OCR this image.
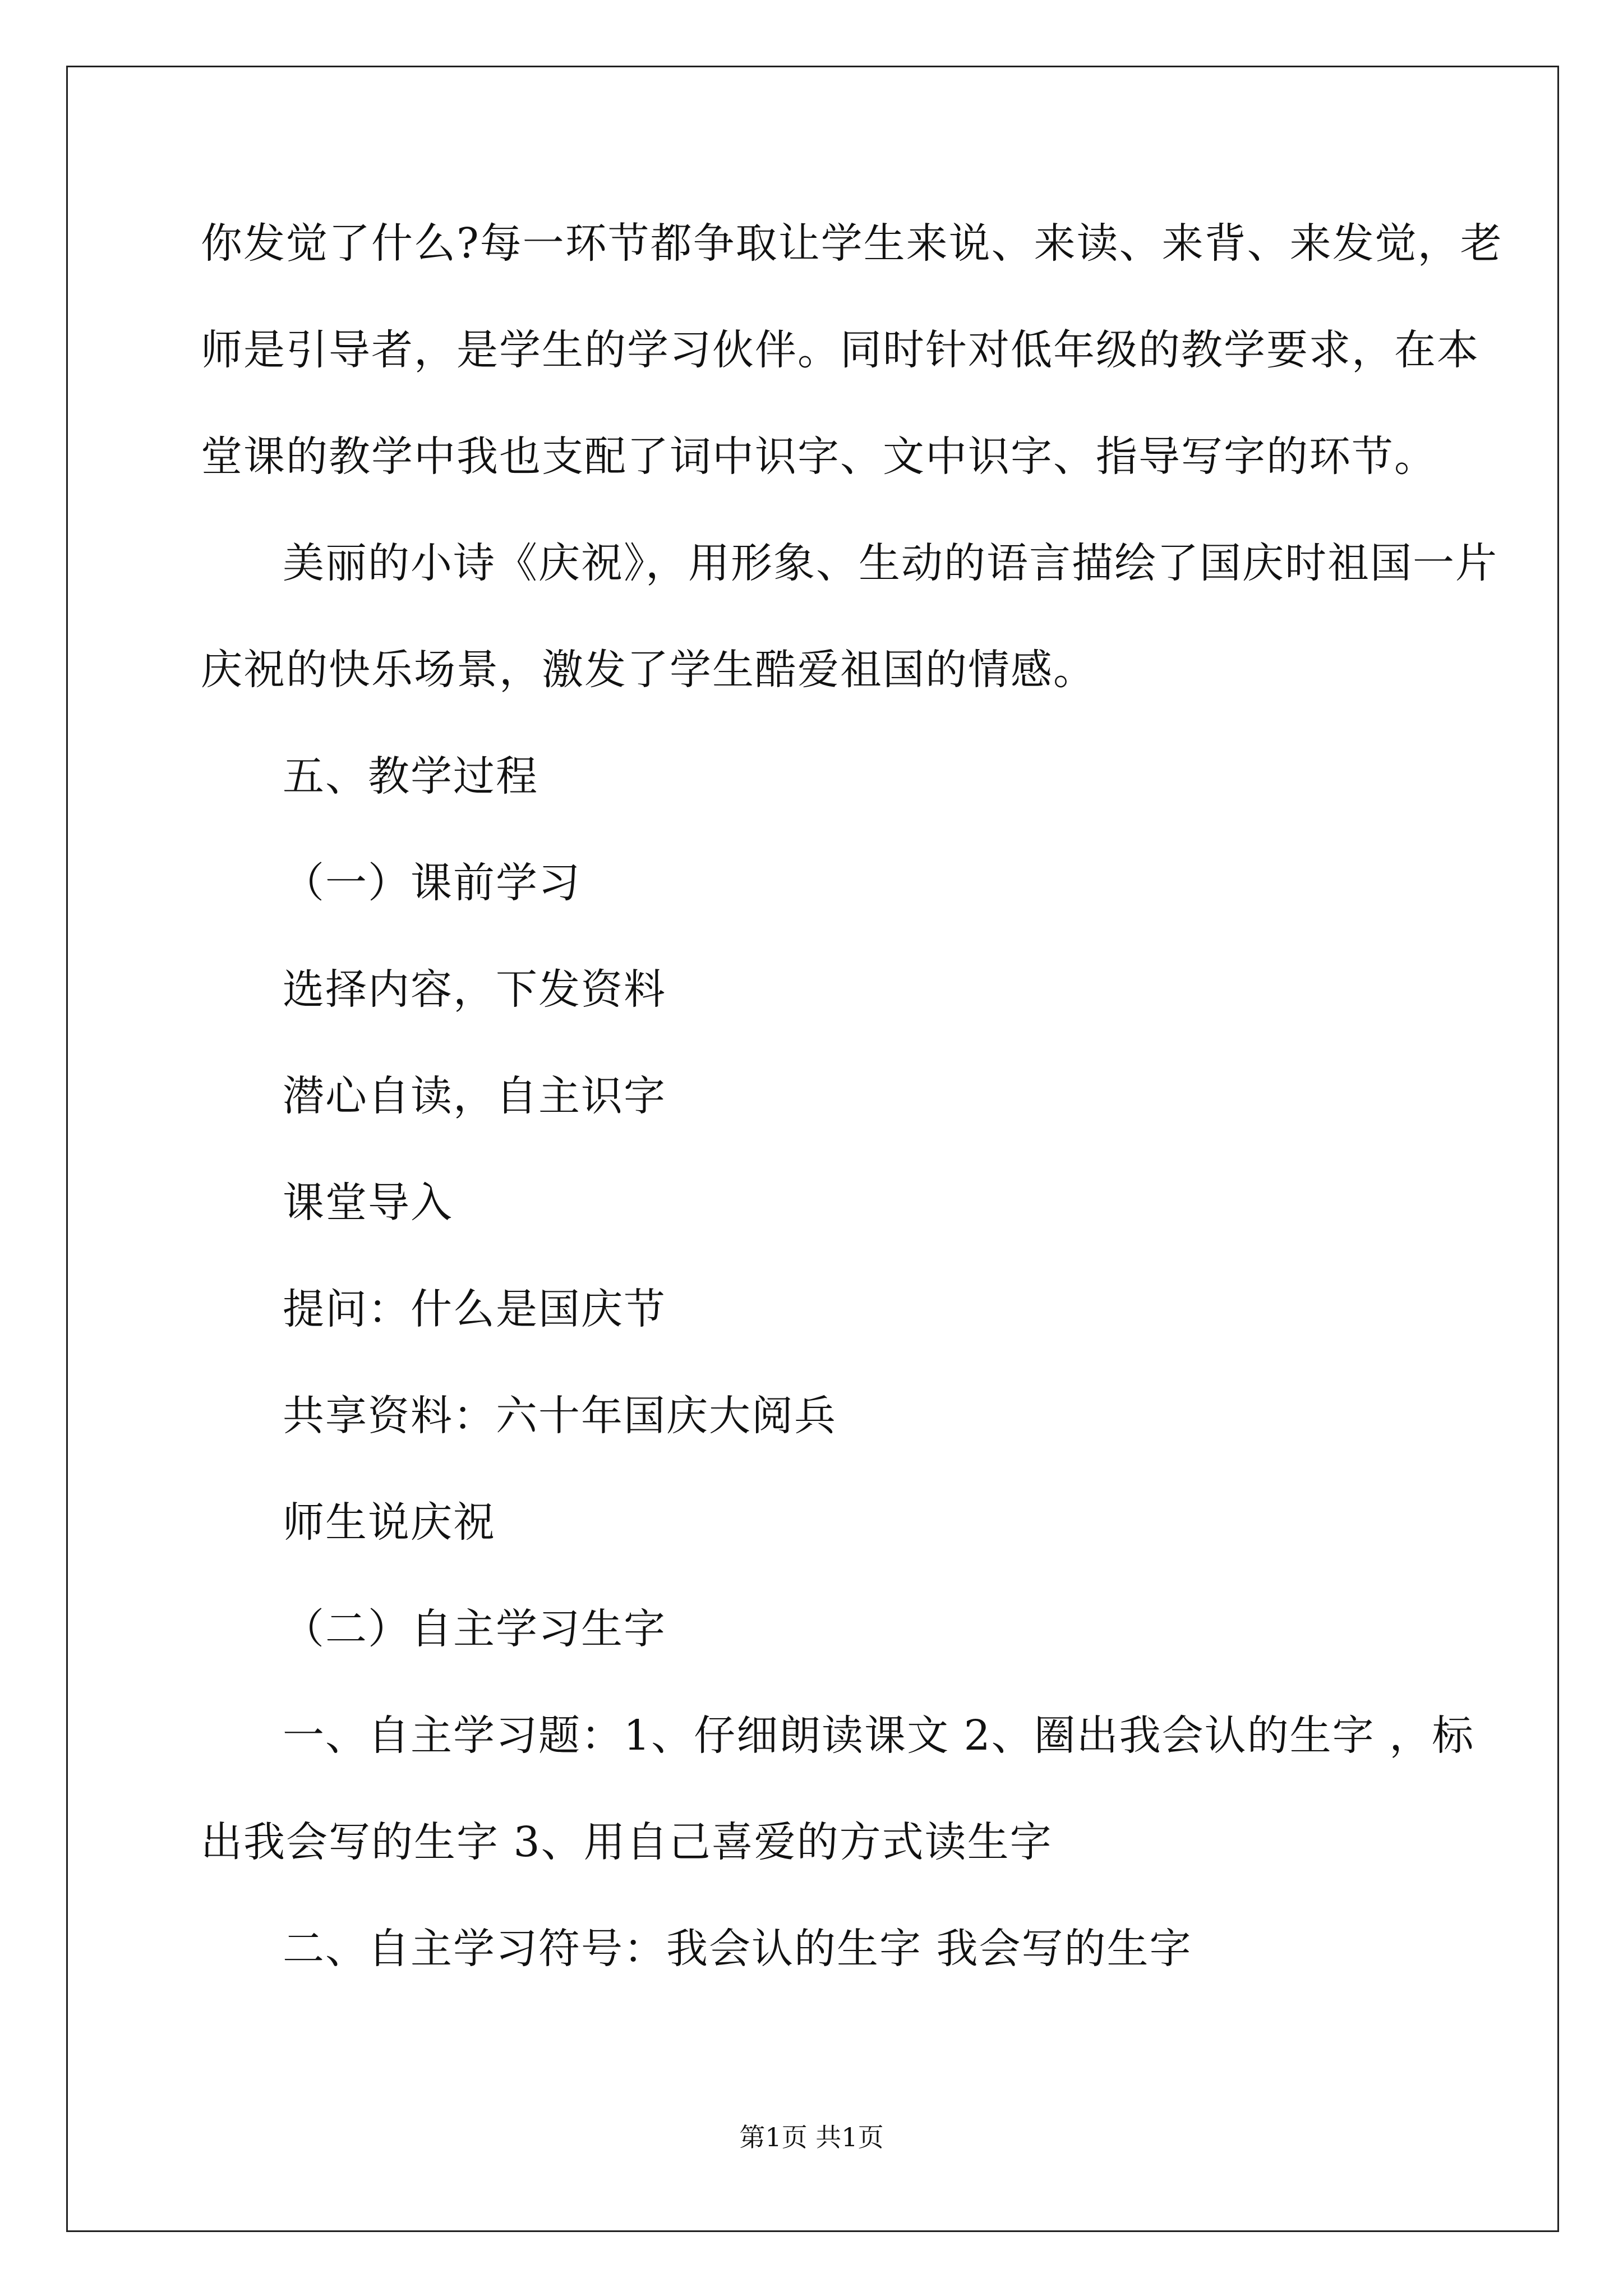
你发觉了什么?每一环节都争取让学生来说、来读、来背、来发觉，老
师是引导者，是学生的学习伙伴。同时针对低年级的教学要求，在本
堂课的教学中我也支配了词中识字、文中识字、指导写字的环节。
美丽的小诗《庆祝》，用形象、生动的语言描绘了国庆时祖国一片
庆祝的快乐场景，激发了学生酷爱祖国的情感。
五、教学过程
（一）课前学习
选择内容，下发资料
潜心自读，自主识字
课堂导入
提问：什么是国庆节
共享资料：六十年国庆大阅兵
师生说庆祝
（二）自主学习生字
一、自主学习题：1、仔细朗读课文 2、圈出我会认的生字 ，标
出我会写的生字 3、用自己喜爱的方式读生字
二、自主学习符号：我会认的生字 我会写的生字
第1页 共1页
